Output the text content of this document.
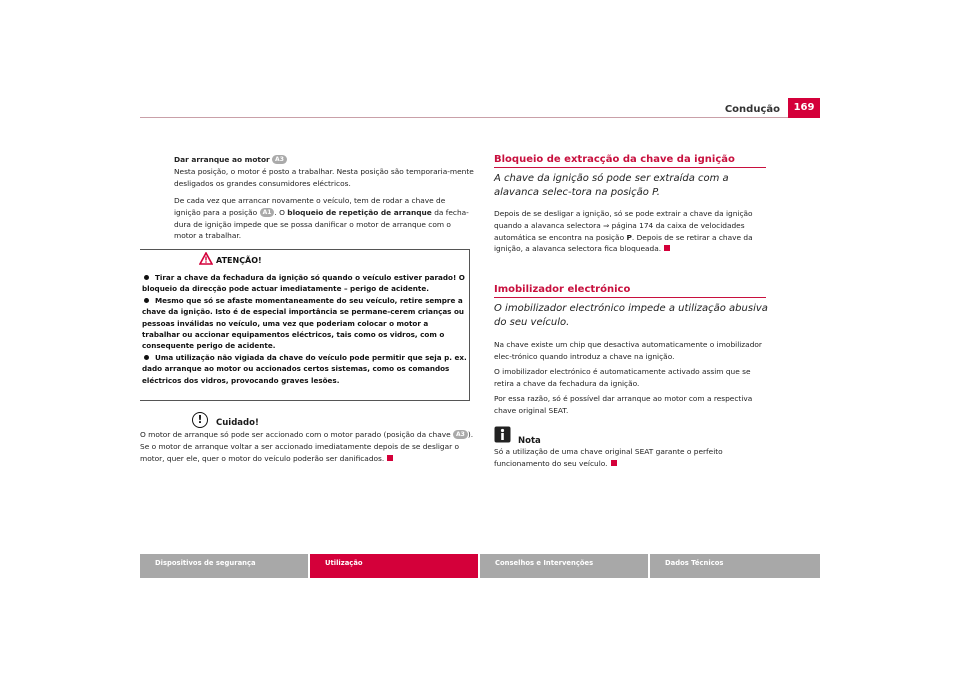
Condução	169
Dar arranque ao motor A3
Nesta posição, o motor é posto a trabalhar. Nesta posição são temporaria-mente desligados os grandes consumidores eléctricos.
De cada vez que arrancar novamente o veículo, tem de rodar a chave de ignição para a posição A1 . O bloqueio de repetição de arranque da fecha-dura de ignição impede que se possa danificar o motor de arranque com o motor a trabalhar.
ATENÇÃO!
Tirar a chave da fechadura da ignição só quando o veículo estiver parado! O bloqueio da direcção pode actuar imediatamente – perigo de acidente.
Mesmo que só se afaste momentaneamente do seu veículo, retire sempre a chave da ignição. Isto é de especial importância se permane-cerem crianças ou pessoas inválidas no veículo, uma vez que poderiam colocar o motor a trabalhar ou accionar equipamentos eléctricos, tais como os vidros, com o consequente perigo de acidente.
Uma utilização não vigiada da chave do veículo pode permitir que seja p. ex. dado arranque ao motor ou accionados certos sistemas, como os comandos eléctricos dos vidros, provocando graves lesões.
!	Cuidado!
O motor de arranque só pode ser accionado com o motor parado (posição da chave A3 ). Se o motor de arranque voltar a ser accionado imediatamente depois de se desligar o motor, quer ele, quer o motor do veículo poderão ser danificados.
Bloqueio de extracção da chave da ignição
A chave da ignição só pode ser extraída com a alavanca selec-tora na posição P.
Depois de se desligar a ignição, só se pode extrair a chave da ignição quando a alavanca selectora ⇒ página 174 da caixa de velocidades automática se encontra na posição P. Depois de se retirar a chave da ignição, a alavanca selectora fica bloqueada.
Imobilizador electrónico
O imobilizador electrónico impede a utilização abusiva do seu veículo.
Na chave existe um chip que desactiva automaticamente o imobilizador elec-trónico quando introduz a chave na ignição.
O imobilizador electrónico é automaticamente activado assim que se retira a chave da fechadura da ignição.
Por essa razão, só é possível dar arranque ao motor com a respectiva chave original SEAT.
Nota
Só a utilização de uma chave original SEAT garante o perfeito funcionamento do seu veículo.
Dispositivos de segurança	Utilização	Conselhos e Intervenções	Dados Técnicos
